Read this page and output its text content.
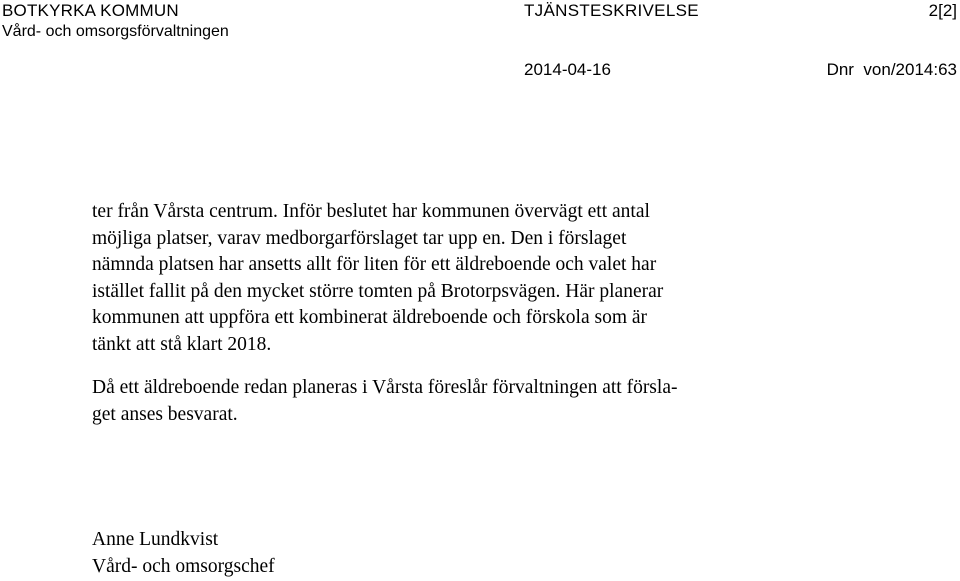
BOTKYRKA KOMMUN
Vård- och omsorgsförvaltningen
TJÄNSTESKRIVELSE	2[2]
2014-04-16	Dnr  von/2014:63
ter från Vårsta centrum. Inför beslutet har kommunen övervägt ett antal
möjliga platser, varav medborgarförslaget tar upp en. Den i förslaget
nämnda platsen har ansetts allt för liten för ett äldreboende och valet har
istället fallit på den mycket större tomten på Brotorpsvägen. Här planerar
kommunen att uppföra ett kombinerat äldreboende och förskola som är
tänkt att stå klart 2018.
Då ett äldreboende redan planeras i Vårsta föreslår förvaltningen att försla-
get anses besvarat.
Anne Lundkvist
Vård- och omsorgschef
